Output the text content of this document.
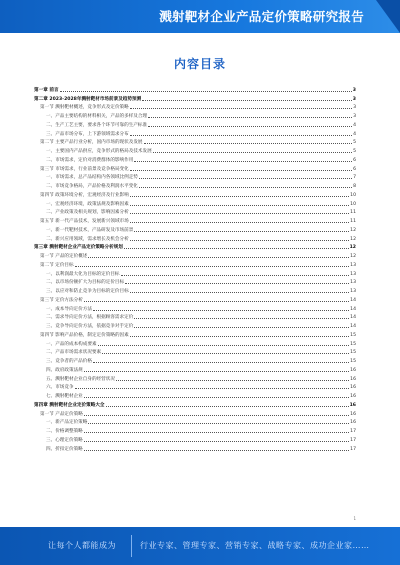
溅射靶材企业产品定价策略研究报告
内容目录
第一章 前言	3
第二章 2023-2028年溅射靶材市场前景及趋势预测	3
第一节 溅射靶材概述，竞争形式及定价策略	3
一、产品主要结构的材料相关，产品的多样及合理	3
二、生产工艺主要，要求各个环节可靠的生产标准	4
三、产品市场分布，上下游领域需求分布	4
第二节 主要产品行业分析，国内市场的现状及发展	5
一、主要国内产品供应，竞争形式的格局及技术发展	5
二、市场需求，定价对消费群体的影响作用	6
第三节 市场需求，行业前景及竞争格局变化	6
一、市场需求，总产品结构内各领域比例走势	7
二、市场竞争格局，产品价格及利润水平变化	8
第四节 政策环境分析，宏观经济及行业影响	10
一、宏观经济环境，政策法规及影响因素	10
二、产业政策及相关规划，影响因素分析	11
第五节 新一代产品技术，发展新兴领域市场	11
一、新一代靶材技术，产品研发及市场前景	12
二、新兴应用领域，需求增长及机会分析	12
第三章 溅射靶材企业产品定价策略分析规划	12
第一节 产品的定价概述	12
第二节 定价目标	13
一、以利润最大化为目标的定价目标	13
二、以市场份额扩大为目标的定价目标	13
三、以应对和防止竞争为目标的定价目标	13
第三节 定价方法分析	14
一、成本导向定价方法	14
二、需求导向定价方法，根据顾客需求定价	14
三、竞争导向定价方法，依据竞争对手定价	14
第四节 影响产品价格，制定定价策略的因素	15
一、产品的成本构成要素	15
二、产品市场需求状况要素	15
三、竞争者的产品价格	15
四、政府政策法规	16
五、溅射靶材企业自身的经营状况	16
六、市场竞争	16
七、溅射靶材企业	16
第四章 溅射靶材企业定价策略大全	16
第一节 产品定价策略	16
一、新产品定价策略	16
二、价格调整策略	17
三、心理定价策略	17
四、折扣定价策略	17
1
让每个人都能成为	行业专家、管理专家、营销专家、战略专家、成功企业家……
